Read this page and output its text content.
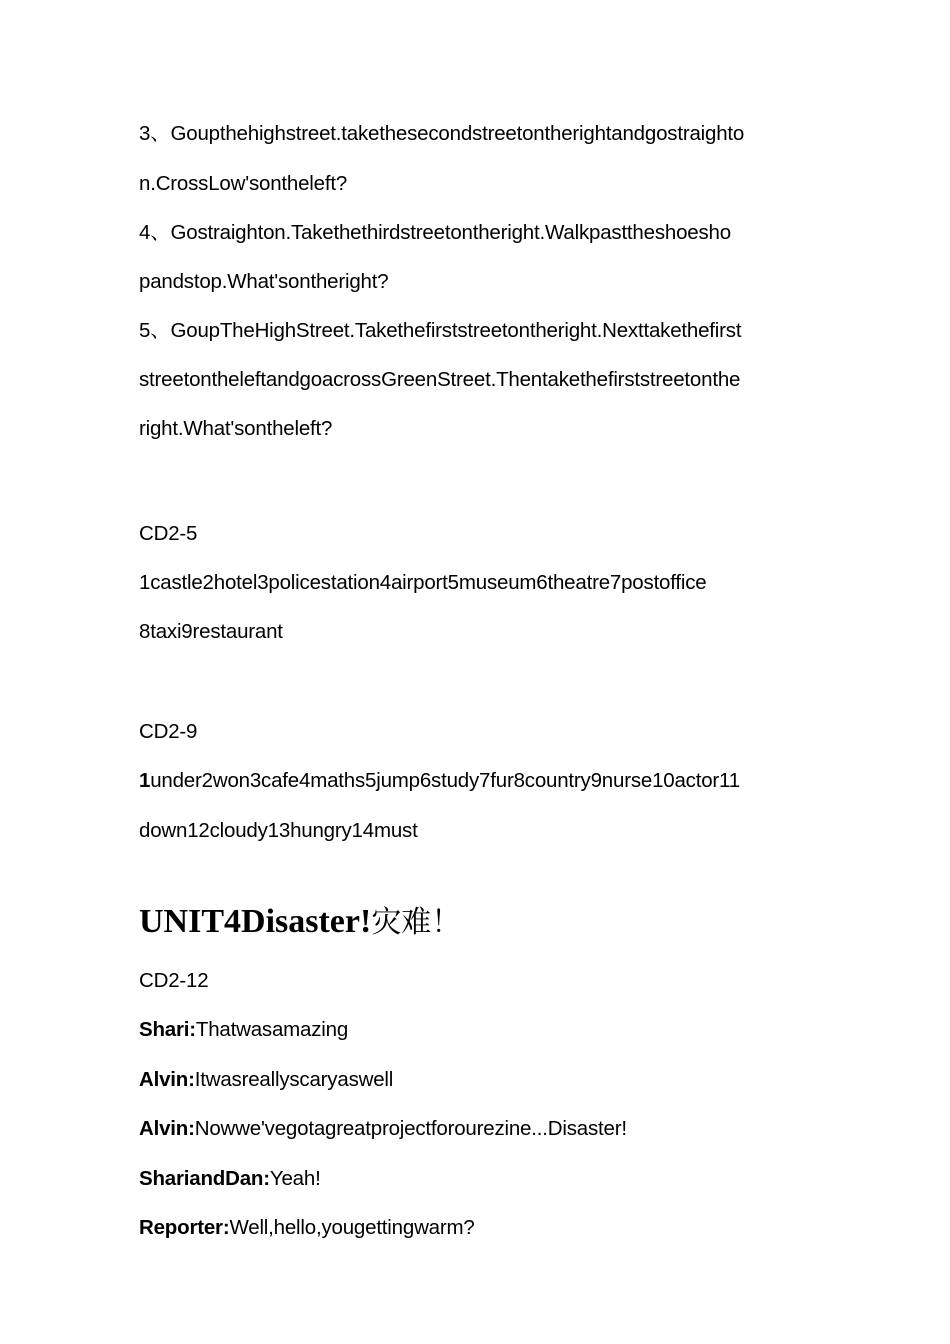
3、Goupthehighstreet.takethesecondstreetontherightandgostraighto
n.CrossLow'sontheleft?
4、Gostraighton.Takethethirdstreetontheright.Walkpasttheshoesho
pandstop.What'sontheright?
5、GoupTheHighStreet.Takethefirststreetontheright.Nexttakethefirst
streetontheleftandgoacrossGreenStreet.Thentakethefirststreetonthe
right.What'sontheleft?
CD2-5
1castle2hotel3policestation4airport5museum6theatre7postoffice
8taxi9restaurant
CD2-9
1under2won3cafe4maths5jump6study7fur8country9nurse10actor11
down12cloudy13hungry14must
UNIT4Disaster!灾难！
CD2-12
Shari:Thatwasamazing
Alvin:Itwasreallyscaryaswell
Alvin:Nowwe'vegotagreatprojectforourezine...Disaster!
ShariandDan:Yeah!
Reporter:Well,hello,yougettingwarm?
